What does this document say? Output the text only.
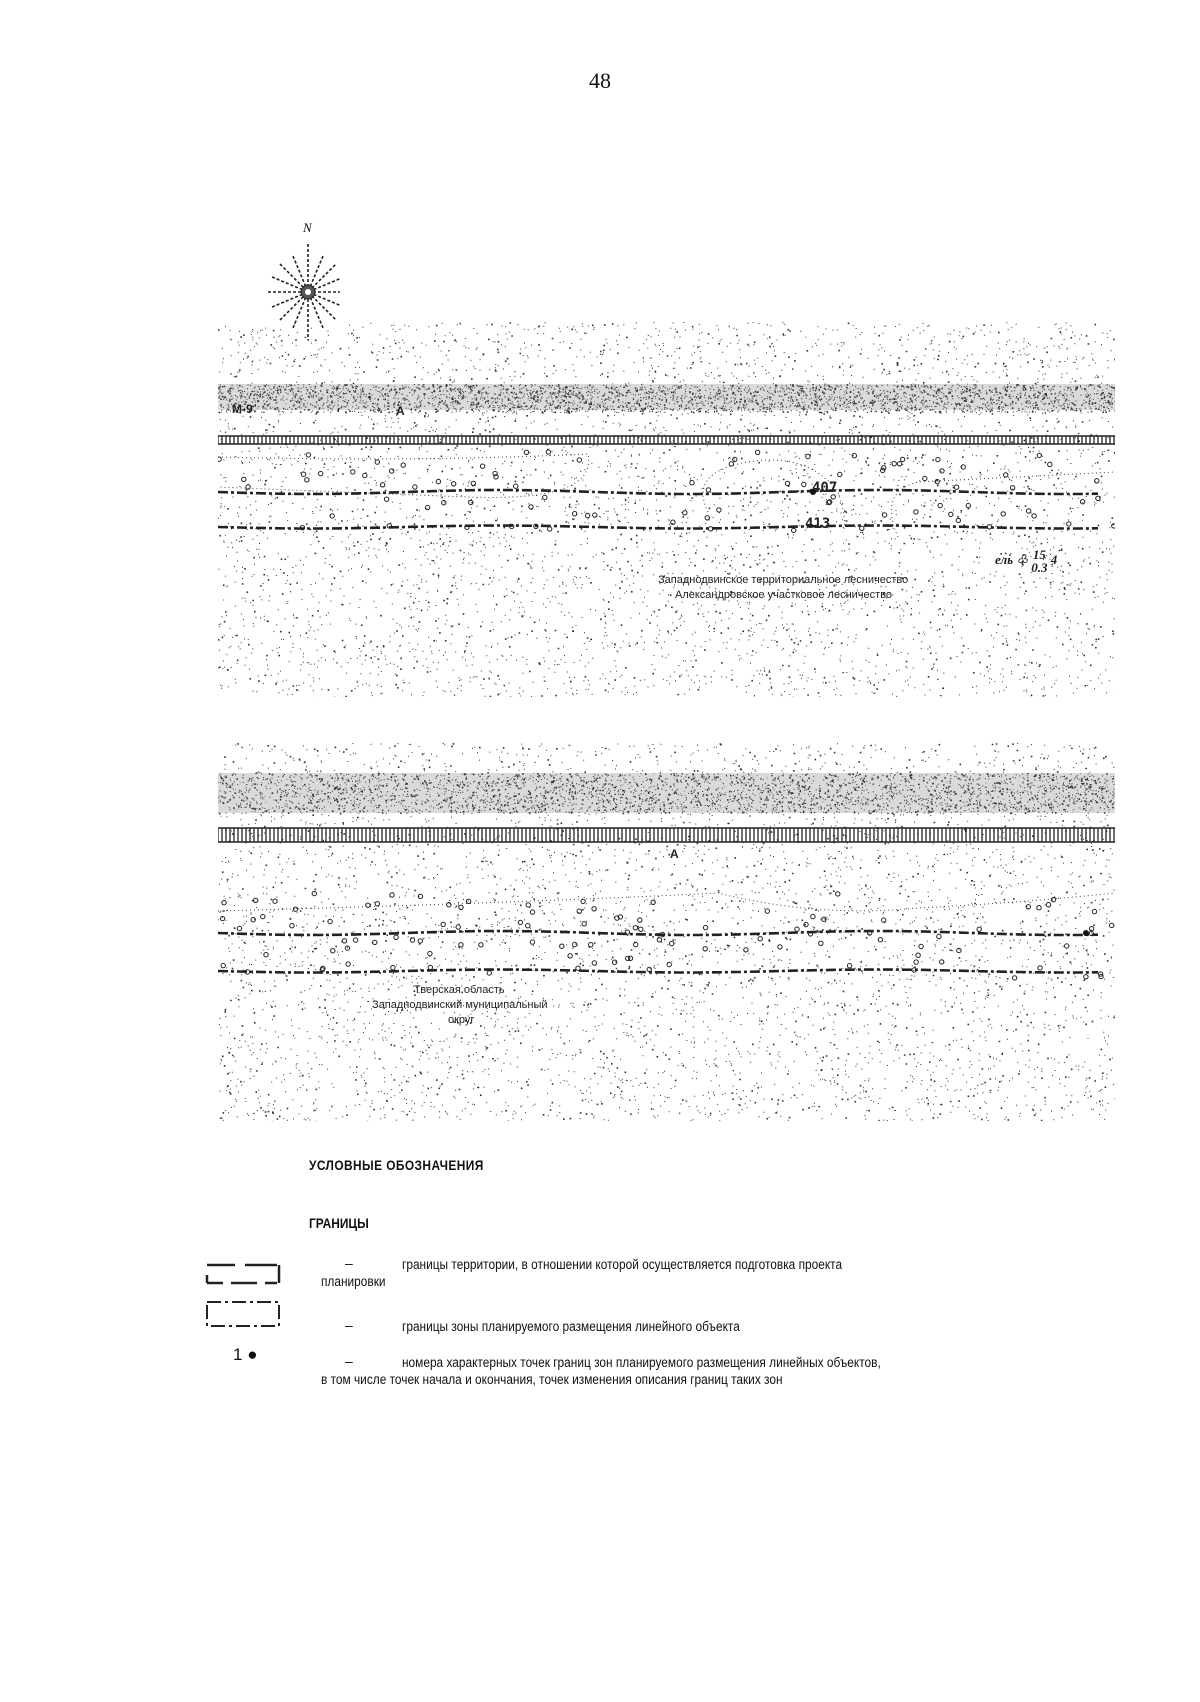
48
N
М-9	А
407
413
ель ♧ 15
0.3 4
Западнодвинское территориальное лесничество
Александровское участковое лесничество
А
Тверская область
Западнодвинский муниципальный
округ
УСЛОВНЫЕ ОБОЗНАЧЕНИЯ
ГРАНИЦЫ
–	границы территории, в отношении которой осуществляется подготовка проекта
планировки
–	границы зоны планируемого размещения линейного объекта
1 ●	–	номера характерных точек границ зон планируемого размещения линейных объектов,
в том числе точек начала и окончания, точек изменения описания границ таких зон
